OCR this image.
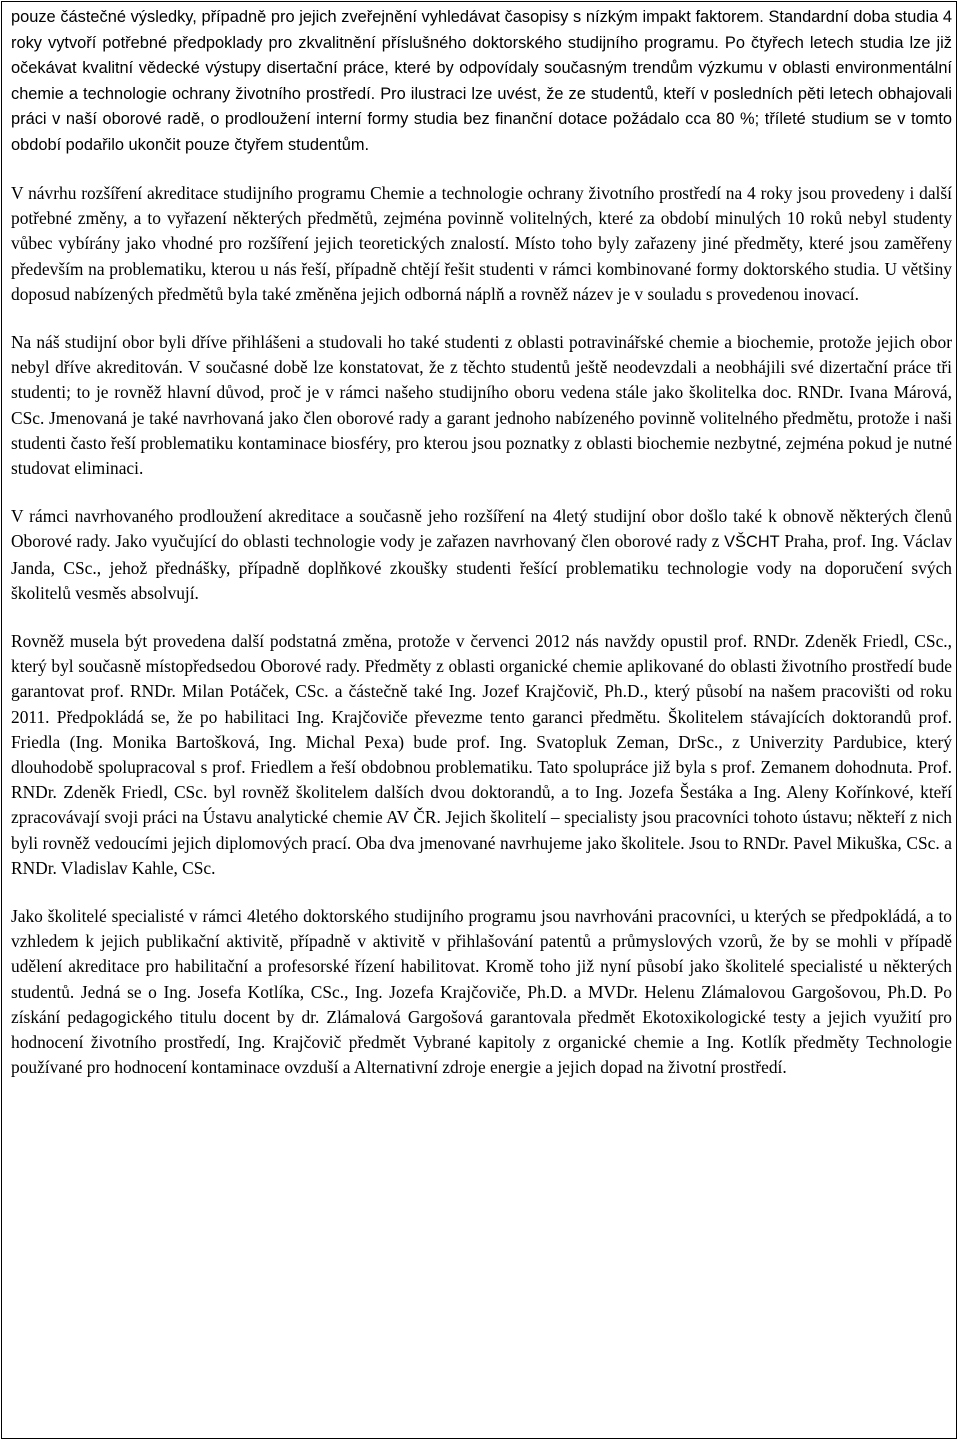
pouze částečné výsledky, případně pro jejich zveřejnění vyhledávat časopisy s nízkým impakt faktorem. Standardní doba studia 4 roky vytvoří potřebné předpoklady pro zkvalitnění příslušného doktorského studijního programu. Po čtyřech letech studia lze již očekávat kvalitní vědecké výstupy disertační práce, které by odpovídaly současným trendům výzkumu v oblasti environmentální chemie a technologie ochrany životního prostředí. Pro ilustraci lze uvést, že ze studentů, kteří v posledních pěti letech obhajovali práci v naší oborové radě, o prodloužení interní formy studia bez finanční dotace požádalo cca 80 %; tříleté studium se v tomto období podařilo ukončit pouze čtyřem studentům.

V návrhu rozšíření akreditace studijního programu Chemie a technologie ochrany životního prostředí na 4 roky jsou provedeny i další potřebné změny, a to vyřazení některých předmětů, zejména povinně volitelných, které za období minulých 10 roků nebyl studenty vůbec vybírány jako vhodné pro rozšíření jejich teoretických znalostí. Místo toho byly zařazeny jiné předměty, které jsou zaměřeny především na problematiku, kterou u nás řeší, případně chtějí řešit studenti v rámci kombinované formy doktorského studia. U většiny doposud nabízených předmětů byla také změněna jejich odborná náplň a rovněž název je v souladu s provedenou inovací.

Na náš studijní obor byli dříve přihlášeni a studovali ho také studenti z oblasti potravinářské chemie a biochemie, protože jejich obor nebyl dříve akreditován. V současné době lze konstatovat, že z těchto studentů ještě neodevzdali a neobhájili své dizertační práce tři studenti; to je rovněž hlavní důvod, proč je v rámci našeho studijního oboru vedena stále jako školitelka doc. RNDr. Ivana Márová, CSc. Jmenovaná je také navrhovaná jako člen oborové rady a garant jednoho nabízeného povinně volitelného předmětu, protože i naši studenti často řeší problematiku kontaminace biosféry, pro kterou jsou poznatky z oblasti biochemie nezbytné, zejména pokud je nutné studovat eliminaci.

V rámci navrhovaného prodloužení akreditace a současně jeho rozšíření na 4letý studijní obor došlo také k obnově některých členů Oborové rady. Jako vyučující do oblasti technologie vody je zařazen navrhovaný člen oborové rady z VŠCHT Praha, prof. Ing. Václav Janda, CSc., jehož přednášky, případně doplňkové zkoušky studenti řešící problematiku technologie vody na doporučení svých školitelů vesměs absolvují.

Rovněž musela být provedena další podstatná změna, protože v červenci 2012 nás navždy opustil prof. RNDr. Zdeněk Friedl, CSc., který byl současně místopředsedou Oborové rady. Předměty z oblasti organické chemie aplikované do oblasti životního prostředí bude garantovat prof. RNDr. Milan Potáček, CSc. a částečně také Ing. Jozef Krajčovič, Ph.D., který působí na našem pracovišti od roku 2011. Předpokládá se, že po habilitaci Ing. Krajčoviče převezme tento garanci předmětu. Školitelem stávajících doktorandů prof. Friedla (Ing. Monika Bartošková, Ing. Michal Pexa) bude prof. Ing. Svatopluk Zeman, DrSc., z Univerzity Pardubice, který dlouhodobě spolupracoval s prof. Friedlem a řeší obdobnou problematiku. Tato spolupráce již byla s prof. Zemanem dohodnuta. Prof. RNDr. Zdeněk Friedl, CSc. byl rovněž školitelem dalších dvou doktorandů, a to Ing. Jozefa Šestáka a Ing. Aleny Kořínkové, kteří zpracovávají svoji práci na Ústavu analytické chemie AV ČR. Jejich školitelí – specialisty jsou pracovníci tohoto ústavu; někteří z nich byli rovněž vedoucími jejich diplomových prací. Oba dva jmenované navrhujeme jako školitele. Jsou to RNDr. Pavel Mikuška, CSc. a RNDr. Vladislav Kahle, CSc.

Jako školitelé specialisté v rámci 4letého doktorského studijního programu jsou navrhováni pracovníci, u kterých se předpokládá, a to vzhledem k jejich publikační aktivitě, případně v aktivitě v přihlašování patentů a průmyslových vzorů, že by se mohli v případě udělení akreditace pro habilitační a profesorské řízení habilitovat. Kromě toho již nyní působí jako školitelé specialisté u některých studentů. Jedná se o Ing. Josefa Kotlíka, CSc., Ing. Jozefa Krajčoviče, Ph.D. a MVDr. Helenu Zlámalovou Gargošovou, Ph.D. Po získání pedagogického titulu docent by dr. Zlámalová Gargošová garantovala předmět Ekotoxikologické testy a jejich využití pro hodnocení životního prostředí, Ing. Krajčovič předmět Vybrané kapitoly z organické chemie a Ing. Kotlík předměty Technologie používané pro hodnocení kontaminace ovzduší a Alternativní zdroje energie a jejich dopad na životní prostředí.
